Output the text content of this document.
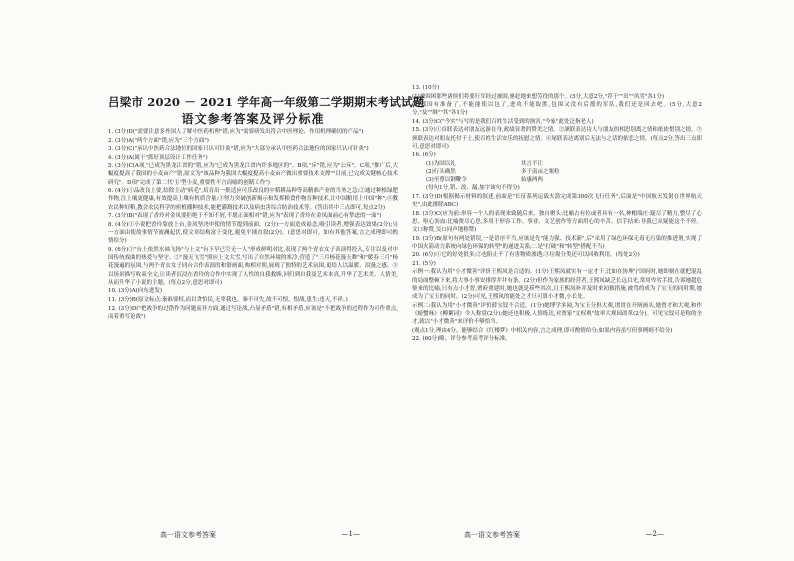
吕梁市 2020 － 2021 学年高一年级第二学期期末考试试题
语文参考答案及评分标准

1. (3分)D("需要注意多外国人了解中医药机理"错,应为"需要研发出符合中医理论、作用机理确切的产品")

2. (3分)A("两个方面"错,应为"三个方面")

3. (3分)C("承认中医药合法地位的国家只认可针灸"错,应为"大部分承认中医药合法地位的国家只认可针灸")

4. (3分)A(属于"抓好顶层设计工作任务")

5. (3分)C(A项,"已成为黑龙江省的"错,应为"已成为黑龙江省内许多地区的"。B项,"斥"错,应为"公斥"。C项,"推广后,大幅度提高了我国的小麦亩产"错,原文为"该品种为我国大幅度提高小麦亩产做出重要技术支撑""目前,已完成关键核心技术研究"。D项"完成了第二代'玉'型小麦,重要性不言而喻的创制工作")

6. (4分)①品改良上要,结除主动"病毛",培育出一批适应可乐改良的中稻耕品种等高精准产业的当务之急;②通过种植绿肥作物,注上壤更健康,有效提高土壤有机质含量;③努力突破创新揭示和发挥粮食作物育种技术,让中国粮用上中国"种";④教农民种好粮,教会农民科学的密植播种技术,能把灌溉技术以及病虫害综合防治技术等。(答出其中三点即可,每点2分)

7. (3分)B("表现了香玲对金凤要拒绝于不知不屑,不愿正面相对"错,应为"表现了香玲在金凤面前心有挚虑的一面")

8. (4分)①小说把香玲靠放上台,金凤坚决申使的情节提到前面。(2分)一方面造成悬念,吸引读者,增强表达效果(2分);另一方面由使故事情节波澜起伏,使文章结构富于变化,避免平铺直叙(2分)。(意思对即可。如有其他答案,言之成理即可酌情给分)

9. (6分)①"台上依然水袖飞扬"与上文"台下早已空无一人"形成鲜明对比,表现了两个青衣女子表演得投入,专注以及对中国传统戏曲的热爱与坚守。②"漫天飞雪"照应上文大雪,写出了自然环境的寒冷,营造了"三月杨花漫天舞"和"暖春三月"杨花漫遍的氛围,与两个青衣女子同台合作表演的和谐画面,构相对照,展现了独特的艺术氛围,更给人以温暖、浪漫之感。③以场景描写收束全文,让读者沉浸在香玲的合作中实现了人性的自我救赎,回归到自我及艺术本真,升华了艺术美、人情美,从而升华了小说的主题。(每点2分,意思对即可)

10. (3分)A(向东进发)

11. (3分)B(原文标点:秦谁要权,而以贪怕民,无辜我也。秦不可失,故不可恨。恨战,患生;违天,不祥。)

12. (3分)D("把战争的过错作为问题而非方面,通过写论战,凸显矛盾"错,有相矛盾,应该是"不把战争的过程作为可作重点,而着重写论战")

高一语文参考答案	—1—

13. (10分)

(1)被围困那些诸侯们将要行军经过被围,驱赶地来想劳役的那个。(5分,大意2分,"荐于""出""风劣"各1分)

(2)郑国有准备了,不能能使以包了,进攻不能取胜,包围又没有后援的军队,我们还是回去吧。(5分,大意2分,"及""继""其"各1分)

14. (3分)C("今实"与写的是我们百姓生活受到的损害,"今家"此处泛指老人)

15. (3分)①首联表达对朋友远游在身,政绩显著的赞美之情。②颔联表达诗人与朋友的相思别离之情和依依惜别之情。③颈联表达对朋友托付于土,使百姓生活安乐的抚慰之情。④尾联表达离别后无法与之话的依恋之情。(每点2分,答出三点即可,意思对即可)

16. (6分)

(1)为国以礼	其言不让
(2)行头确然	多于南亩之栗粒
(3)至尊以钢鞭令	始惠两两
(每句1分,错、改、漏,加字该句不得分)

17. (3分)D(根据揭示材料的叙述,前面是"长征系列运载火箭完成第300次飞行任务",后面是"中国航天发射在世界航天史",由此排除ABC)

18. (3分)C(应为前:形容一个人的表现来致随后来。独自聚头:比喻占有位或者具有一名,神帽端庄:疑尽了精力,整尽了心思。呕心沥血:比喻费尽心思,多用于形容工作、事业、文艺创作等方面用心的辛苦。信手拈来:非我已从疑能这个不停。文口称赞,吴口同声地称赞)

19. (3分)B(原句有两处错误,一是语序不当,应该是先"能力强、技术新",后"采用了绿色环保无毒无污染的推进剂,实现了中国火箭动力系统向绿色环保的转型"的递进关系;二是"打破"和"转型"搭配不当)

20. (6分)①它的好处很多;②也阻止不了有害物质渗透;③垃圾分类还可以回收利用。(每处2分)

21. (5分)

示例一:我认为用"小才微善"评价王熙凤是合适的。(1分)王熙凤就实有一定才干,比如在协理宁国府时,她即刻在就把混乱的局面整顿下来,将大事小事安排得井井有条。(2分)但作为家族的经营者,王熙凤缺乏长远目光,常用卑劣手段,告诉她超危鉴来的比喻,只有点小才智,贾府重建时,她也就是捞些其次,且王熙凤补并及时来初救措施,被骂的成为了宝玉的同时期,她成为了宝玉的同时。(2分)可见,王熙凤的能处之才只可算小才微,小长处。

示例二:我认为用"小才微善"评价薛宝钗不合适。(1分)她博学多闻,为宝玉分担大观,谱贯在开闸画头,她曾才和大观,和作《螃蟹咏》《柳絮词》令人称赏(2分);她还也积极,人情练达,对贾家"文权观"故率大观园改革(2分)。可见宝钗可是称的全才,就以"小才微善"来评价不够恰当。

(观点1分,理由4分。能够结合《红楼梦》中相关内容,言之成理,即可酌情给分;如果内容虽写但事例则不给分)

22. (60分)略。评分参考高考评分标准。

高一语文参考答案	—2—
